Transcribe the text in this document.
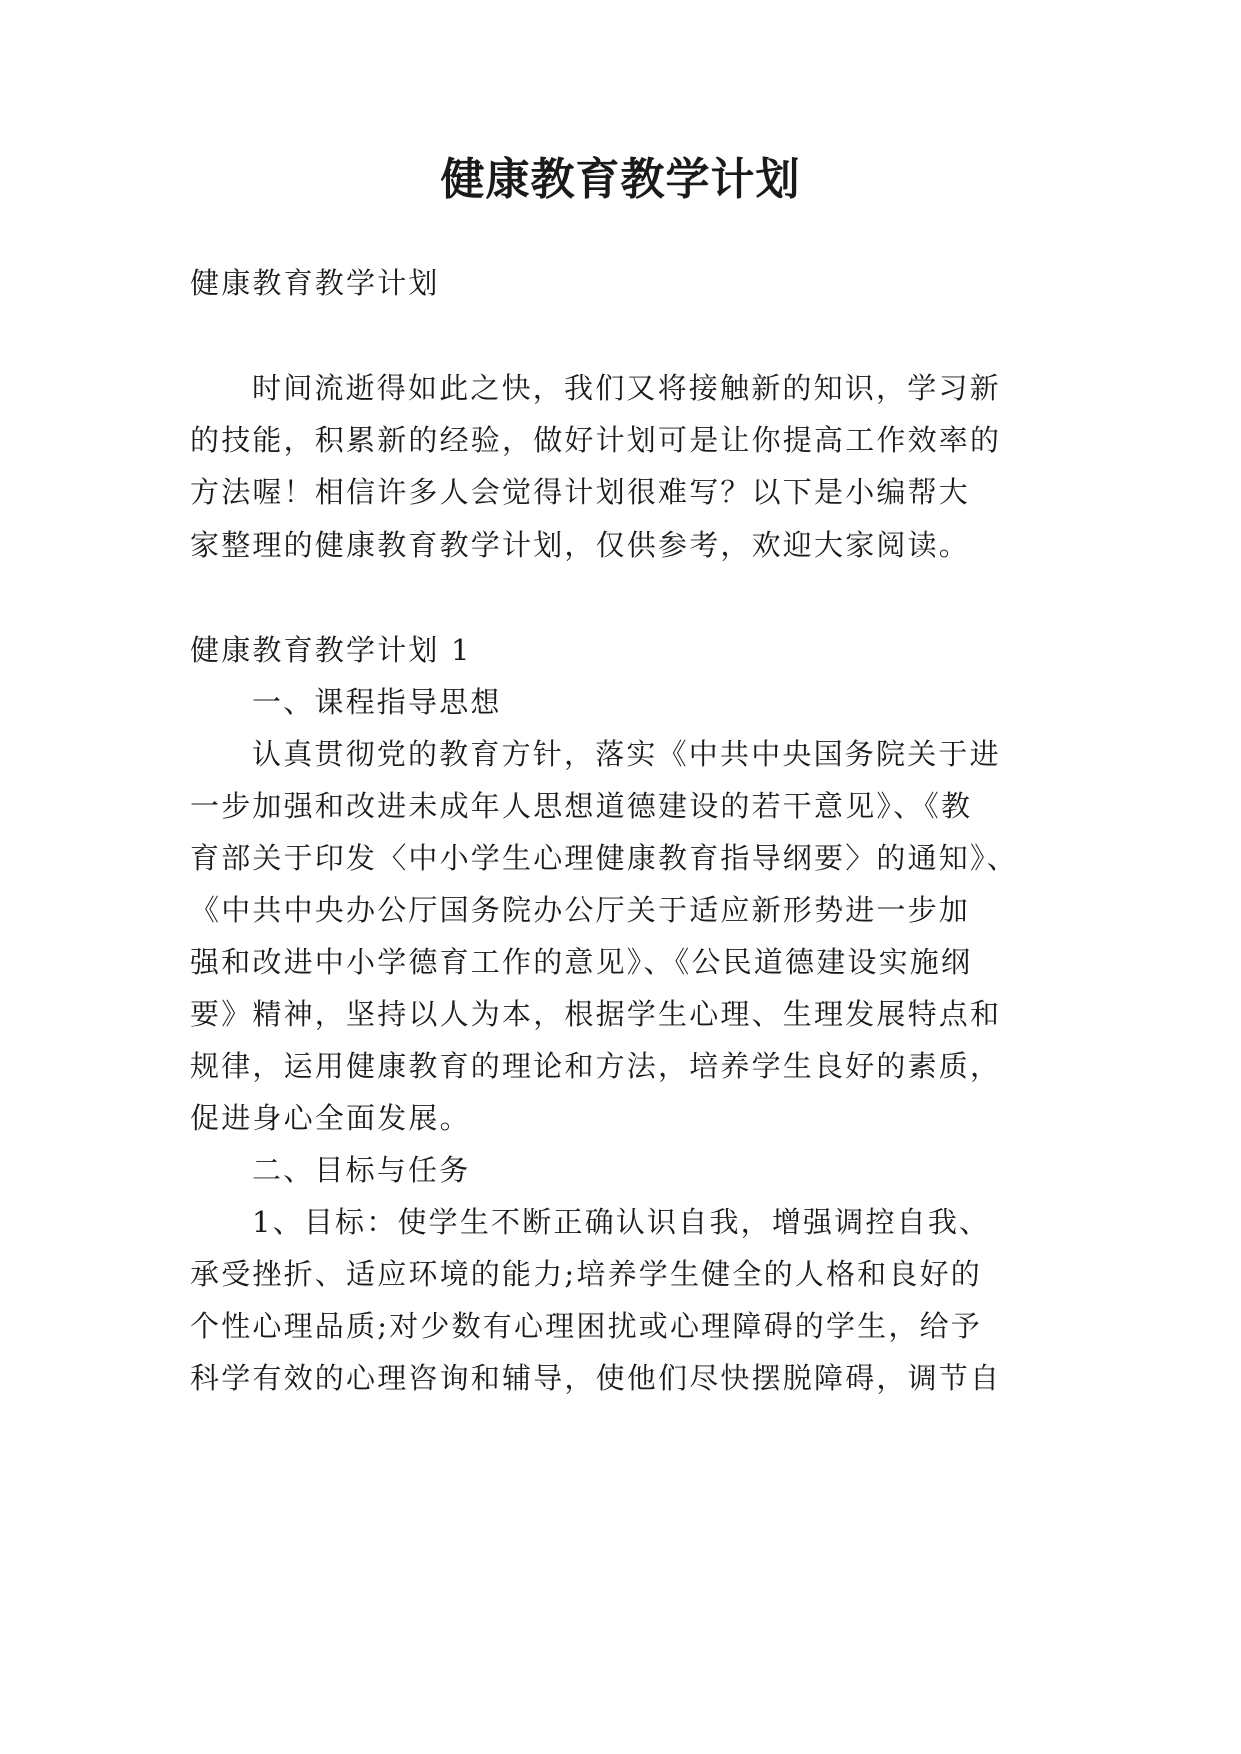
健康教育教学计划
健康教育教学计划
时间流逝得如此之快，我们又将接触新的知识，学习新
的技能，积累新的经验，做好计划可是让你提高工作效率的
方法喔！相信许多人会觉得计划很难写？以下是小编帮大
家整理的健康教育教学计划，仅供参考，欢迎大家阅读。
健康教育教学计划 1
一、课程指导思想
认真贯彻党的教育方针，落实《中共中央国务院关于进
一步加强和改进未成年人思想道德建设的若干意见》、《教
育部关于印发〈中小学生心理健康教育指导纲要〉的通知》、
《中共中央办公厅国务院办公厅关于适应新形势进一步加
强和改进中小学德育工作的意见》、《公民道德建设实施纲
要》精神，坚持以人为本，根据学生心理、生理发展特点和
规律，运用健康教育的理论和方法，培养学生良好的素质，
促进身心全面发展。
二、目标与任务
1、目标：使学生不断正确认识自我，增强调控自我、
承受挫折、适应环境的能力;培养学生健全的人格和良好的
个性心理品质;对少数有心理困扰或心理障碍的学生，给予
科学有效的心理咨询和辅导，使他们尽快摆脱障碍，调节自
